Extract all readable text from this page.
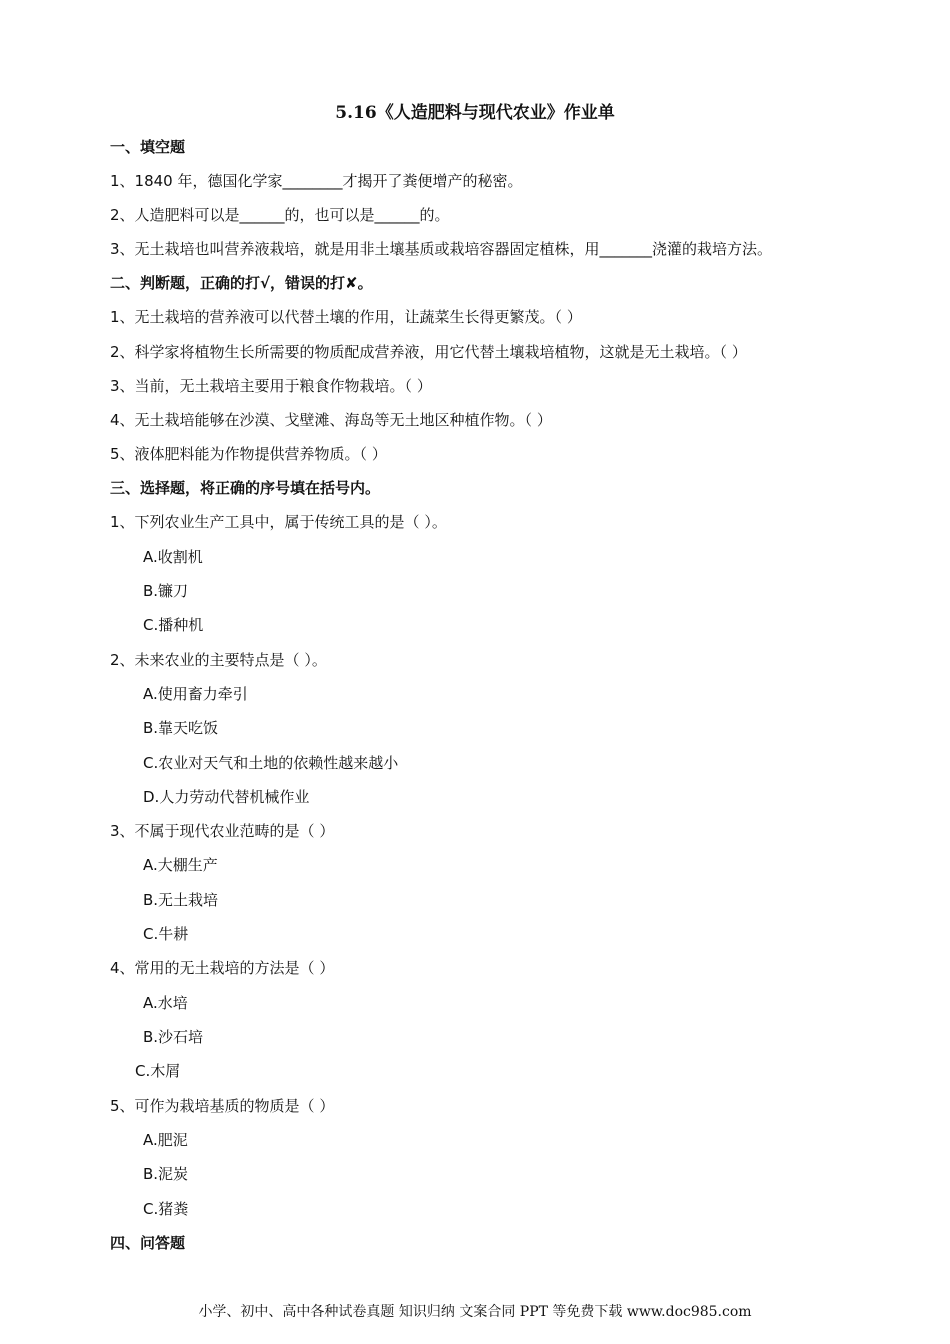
5.16《人造肥料与现代农业》作业单
一、填空题
1、1840 年，德国化学家________才揭开了粪便增产的秘密。
2、人造肥料可以是______的，也可以是______的。
3、无土栽培也叫营养液栽培，就是用非土壤基质或栽培容器固定植株，用_______浇灌的栽培方法。
二、判断题，正确的打√，错误的打✘。
1、无土栽培的营养液可以代替土壤的作用，让蔬菜生长得更繁茂。（ ）
2、科学家将植物生长所需要的物质配成营养液，用它代替土壤栽培植物，这就是无土栽培。（ ）
3、当前，无土栽培主要用于粮食作物栽培。（ ）
4、无土栽培能够在沙漠、戈壁滩、海岛等无土地区种植作物。（ ）
5、液体肥料能为作物提供营养物质。（ ）
三、选择题，将正确的序号填在括号内。
1、下列农业生产工具中，属于传统工具的是（ ）。
A.收割机
B.镰刀
C.播种机
2、未来农业的主要特点是（ ）。
A.使用畜力牵引
B.靠天吃饭
C.农业对天气和土地的依赖性越来越小
D.人力劳动代替机械作业
3、不属于现代农业范畴的是（ ）
A.大棚生产
B.无土栽培
C.牛耕
4、常用的无土栽培的方法是（ ）
A.水培
B.沙石培
C.木屑
5、可作为栽培基质的物质是（ ）
A.肥泥
B.泥炭
C.猪粪
四、问答题
小学、初中、高中各种试卷真题 知识归纳 文案合同 PPT 等免费下载 www.doc985.com
